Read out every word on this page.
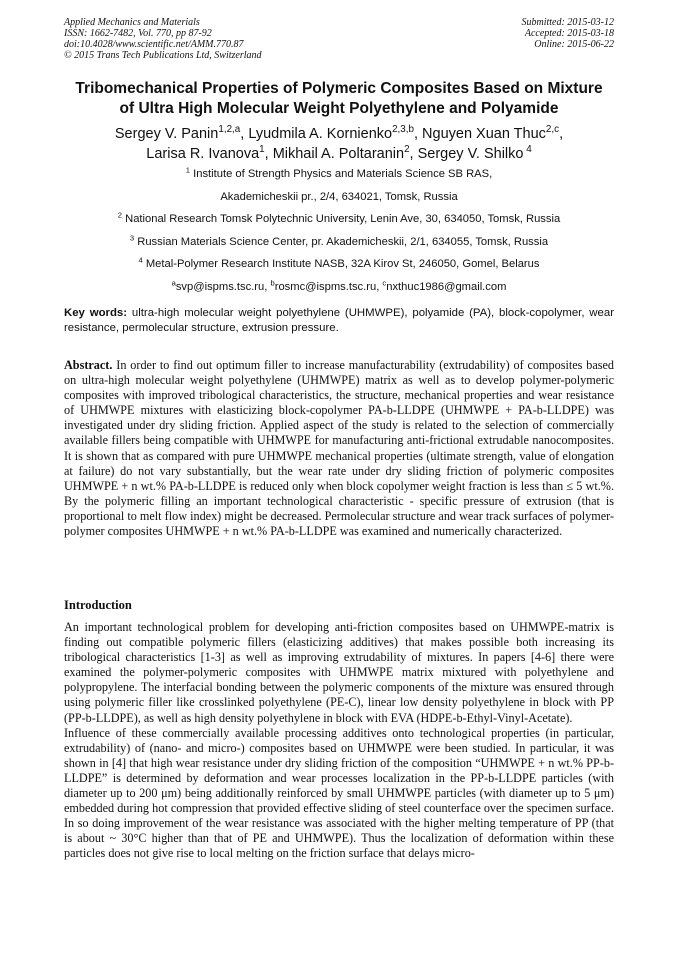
Applied Mechanics and Materials
ISSN: 1662-7482, Vol. 770, pp 87-92
doi:10.4028/www.scientific.net/AMM.770.87
© 2015 Trans Tech Publications Ltd, Switzerland
Submitted: 2015-03-12
Accepted: 2015-03-18
Online: 2015-06-22
Tribomechanical Properties of Polymeric Composites Based on Mixture
of Ultra High Molecular Weight Polyethylene and Polyamide
Sergey V. Panin$^{1,2,a}$, Lyudmila A. Kornienko$^{2,3,b}$, Nguyen Xuan Thuc$^{2,c}$,
Larisa R. Ivanova$^1$, Mikhail A. Poltaranin$^2$, Sergey V. Shilko $^4$
$^1$ Institute of Strength Physics and Materials Science SB RAS,
Akademicheskii pr., 2/4, 634021, Tomsk, Russia
$^2$ National Research Tomsk Polytechnic University, Lenin Ave, 30, 634050, Tomsk, Russia
$^3$ Russian Materials Science Center, pr. Akademicheskii, 2/1, 634055, Tomsk, Russia
$^4$ Metal-Polymer Research Institute NASB, 32A Kirov St, 246050, Gomel, Belarus
$^a$svp@ispms.tsc.ru, $^b$rosmc@ispms.tsc.ru, $^c$nxthuc1986@gmail.com
Key words: ultra-high molecular weight polyethylene (UHMWPE), polyamide (PA), block-copolymer, wear resistance, permolecular structure, extrusion pressure.
Abstract. In order to find out optimum filler to increase manufacturability (extrudability) of composites based on ultra-high molecular weight polyethylene (UHMWPE) matrix as well as to develop polymer-polymeric composites with improved tribological characteristics, the structure, mechanical properties and wear resistance of UHMWPE mixtures with elasticizing block-copolymer PA-b-LLDPE (UHMWPE + PA-b-LLDPE) was investigated under dry sliding friction. Applied aspect of the study is related to the selection of commercially available fillers being compatible with UHMWPE for manufacturing anti-frictional extrudable nanocomposites. It is shown that as compared with pure UHMWPE mechanical properties (ultimate strength, value of elongation at failure) do not vary substantially, but the wear rate under dry sliding friction of polymeric composites UHMWPE + n wt.% PA-b-LLDPE is reduced only when block copolymer weight fraction is less than ≤ 5 wt.%. By the polymeric filling an important technological characteristic - specific pressure of extrusion (that is proportional to melt flow index) might be decreased. Permolecular structure and wear track surfaces of polymer-polymer composites UHMWPE + n wt.% PA-b-LLDPE was examined and numerically characterized.
Introduction

An important technological problem for developing anti-friction composites based on UHMWPE-matrix is finding out compatible polymeric fillers (elasticizing additives) that makes possible both increasing its tribological characteristics [1-3] as well as improving extrudability of mixtures. In papers [4-6] there were examined the polymer-polymeric composites with UHMWPE matrix mixtured with polyethylene and polypropylene. The interfacial bonding between the polymeric components of the mixture was ensured through using polymeric filler like crosslinked polyethylene (PE-C), linear low density polyethylene in block with PP (PP-b-LLDPE), as well as high density polyethylene in block with EVA (HDPE-b-Ethyl-Vinyl-Acetate).

Influence of these commercially available processing additives onto technological properties (in particular, extrudability) of (nano- and micro-) composites based on UHMWPE were been studied. In particular, it was shown in [4] that high wear resistance under dry sliding friction of the composition “UHMWPE + n wt.% PP-b-LLDPE” is determined by deformation and wear processes localization in the PP-b-LLDPE particles (with diameter up to 200 μm) being additionally reinforced by small UHMWPE particles (with diameter up to 5 μm) embedded during hot compression that provided effective sliding of steel counterface over the specimen surface. In so doing improvement of the wear resistance was associated with the higher melting temperature of PP (that is about ~ 30°C higher than that of PE and UHMWPE). Thus the localization of deformation within these particles does not give rise to local melting on the friction surface that delays micro-
